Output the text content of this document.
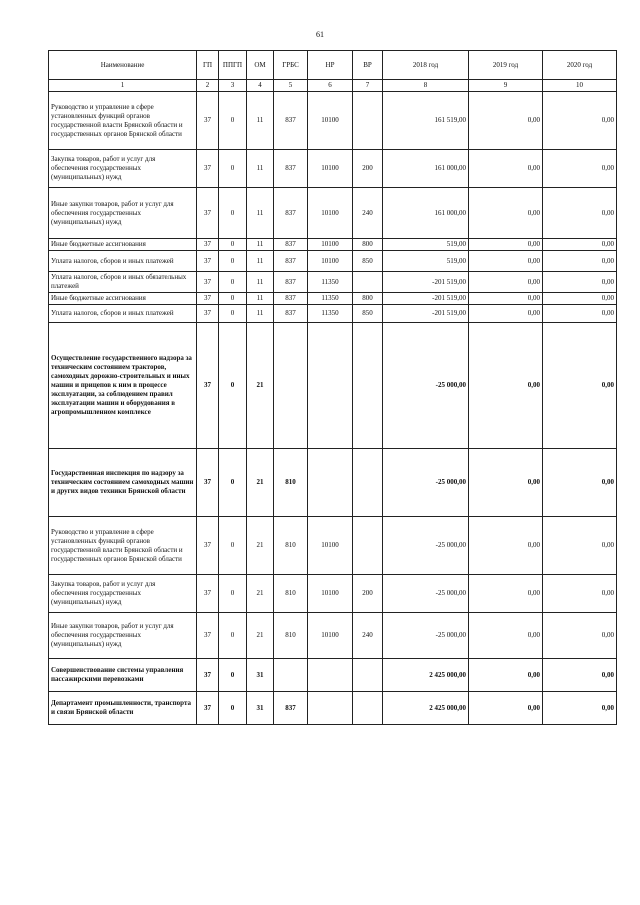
61
Наименование	ГП	ППГП	ОМ	ГРБС	НР	ВР	2018 год	2019 год	2020 год
1	2	3	4	5	6	7	8	9	10
Руководство и управление в сфере установленных функций органов государственной власти Брянской области и государственных органов Брянской области	37	0	11	837	10100		161 519,00	0,00	0,00
Закупка товаров, работ и услуг для обеспечения государственных (муниципальных) нужд	37	0	11	837	10100	200	161 000,00	0,00	0,00
Иные закупки товаров, работ и услуг для обеспечения государственных (муниципальных) нужд	37	0	11	837	10100	240	161 000,00	0,00	0,00
Иные бюджетные ассигнования	37	0	11	837	10100	800	519,00	0,00	0,00
Уплата налогов, сборов и иных платежей	37	0	11	837	10100	850	519,00	0,00	0,00
Уплата налогов, сборов и иных обязательных платежей	37	0	11	837	11350		-201 519,00	0,00	0,00
Иные бюджетные ассигнования	37	0	11	837	11350	800	-201 519,00	0,00	0,00
Уплата налогов, сборов и иных платежей	37	0	11	837	11350	850	-201 519,00	0,00	0,00
Осуществление государственного надзора за техническим состоянием тракторов, самоходных дорожно-строительных и иных машин и прицепов к ним в процессе эксплуатации, за соблюдением правил эксплуатации машин и оборудования в агропромышленном комплексе	37	0	21				-25 000,00	0,00	0,00
Государственная инспекция по надзору за техническим состоянием самоходных машин и других видов техники Брянской области	37	0	21	810			-25 000,00	0,00	0,00
Руководство и управление в сфере установленных функций органов государственной власти Брянской области и государственных органов Брянской области	37	0	21	810	10100		-25 000,00	0,00	0,00
Закупка товаров, работ и услуг для обеспечения государственных (муниципальных) нужд	37	0	21	810	10100	200	-25 000,00	0,00	0,00
Иные закупки товаров, работ и услуг для обеспечения государственных (муниципальных) нужд	37	0	21	810	10100	240	-25 000,00	0,00	0,00
Совершенствование системы управления пассажирскими перевозками	37	0	31				2 425 000,00	0,00	0,00
Департамент промышленности, транспорта и связи Брянской области	37	0	31	837			2 425 000,00	0,00	0,00
